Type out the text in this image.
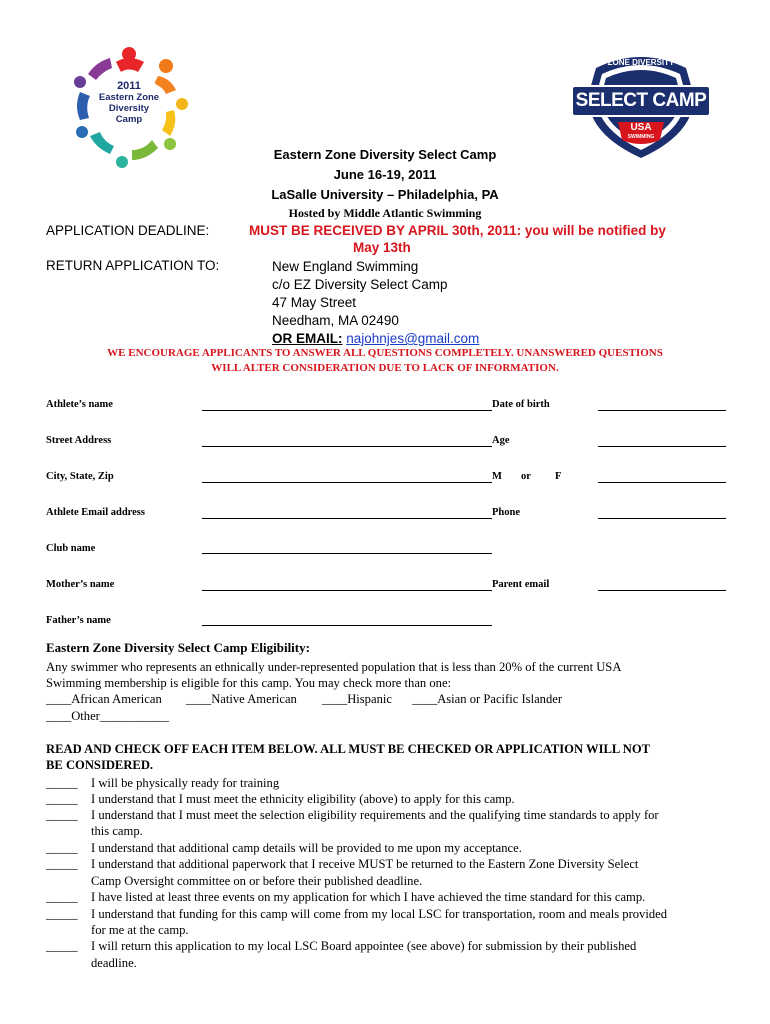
2011
Eastern Zone
Diversity
Camp
ZONE DIVERSITY
SELECT CAMP
USA
SWIMMING
Eastern Zone Diversity Select Camp
June 16-19, 2011
LaSalle University – Philadelphia, PA
Hosted by Middle Atlantic Swimming
APPLICATION DEADLINE:	MUST BE RECEIVED BY APRIL 30th, 2011: you will be notified by
May 13th
RETURN APPLICATION TO:	New England Swimming
c/o EZ Diversity Select Camp
47 May Street
Needham, MA 02490
OR EMAIL: najohnjes@gmail.com
WE ENCOURAGE APPLICANTS TO ANSWER ALL QUESTIONS COMPLETELY. UNANSWERED QUESTIONS
WILL ALTER CONSIDERATION DUE TO LACK OF INFORMATION.
Athlete’s name	Date of birth
Street Address	Age
City, State, Zip	M or F
Athlete Email address	Phone
Club name
Mother’s name	Parent email
Father’s name
Eastern Zone Diversity Select Camp Eligibility:
Any swimmer who represents an ethnically under-represented population that is less than 20% of the current USA
Swimming membership is eligible for this camp. You may check more than one:
____African American ____Native American ____Hispanic ____Asian or Pacific Islander
____Other___________
READ AND CHECK OFF EACH ITEM BELOW. ALL MUST BE CHECKED OR APPLICATION WILL NOT
BE CONSIDERED.
_____ I will be physically ready for training
_____ I understand that I must meet the ethnicity eligibility (above) to apply for this camp.
_____ I understand that I must meet the selection eligibility requirements and the qualifying time standards to apply for
this camp.
_____ I understand that additional camp details will be provided to me upon my acceptance.
_____ I understand that additional paperwork that I receive MUST be returned to the Eastern Zone Diversity Select
Camp Oversight committee on or before their published deadline.
_____ I have listed at least three events on my application for which I have achieved the time standard for this camp.
_____ I understand that funding for this camp will come from my local LSC for transportation, room and meals provided
for me at the camp.
_____ I will return this application to my local LSC Board appointee (see above) for submission by their published
deadline.
